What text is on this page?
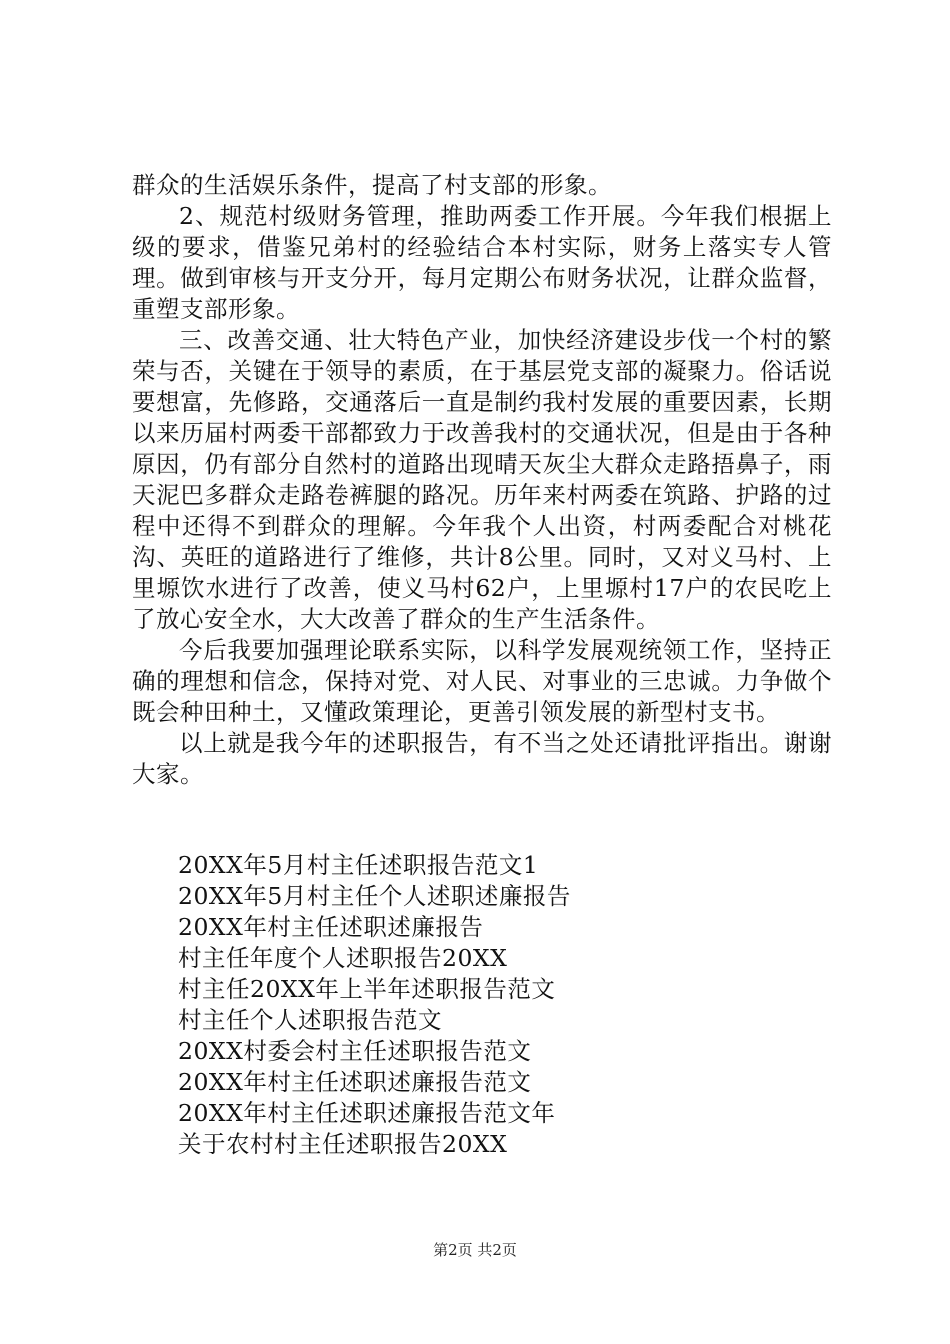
群众的生活娱乐条件，提高了村支部的形象。

2、规范村级财务管理，推助两委工作开展。今年我们根据上级的要求，借鉴兄弟村的经验结合本村实际，财务上落实专人管理。做到审核与开支分开，每月定期公布财务状况，让群众监督，重塑支部形象。

三、改善交通、壮大特色产业，加快经济建设步伐一个村的繁荣与否，关键在于领导的素质，在于基层党支部的凝聚力。俗话说要想富，先修路，交通落后一直是制约我村发展的重要因素，长期以来历届村两委干部都致力于改善我村的交通状况，但是由于各种原因，仍有部分自然村的道路出现晴天灰尘大群众走路捂鼻子，雨天泥巴多群众走路卷裤腿的路况。历年来村两委在筑路、护路的过程中还得不到群众的理解。今年我个人出资，村两委配合对桃花沟、英旺的道路进行了维修，共计8公里。同时，又对义马村、上里塬饮水进行了改善，使义马村62户，上里塬村17户的农民吃上了放心安全水，大大改善了群众的生产生活条件。

今后我要加强理论联系实际，以科学发展观统领工作，坚持正确的理想和信念，保持对党、对人民、对事业的三忠诚。力争做个既会种田种土，又懂政策理论，更善引领发展的新型村支书。

以上就是我今年的述职报告，有不当之处还请批评指出。谢谢大家。

20XX年5月村主任述职报告范文1
20XX年5月村主任个人述职述廉报告
20XX年村主任述职述廉报告
村主任年度个人述职报告20XX
村主任20XX年上半年述职报告范文
村主任个人述职报告范文
20XX村委会村主任述职报告范文
20XX年村主任述职述廉报告范文
20XX年村主任述职述廉报告范文年
关于农村村主任述职报告20XX
第2页 共2页
